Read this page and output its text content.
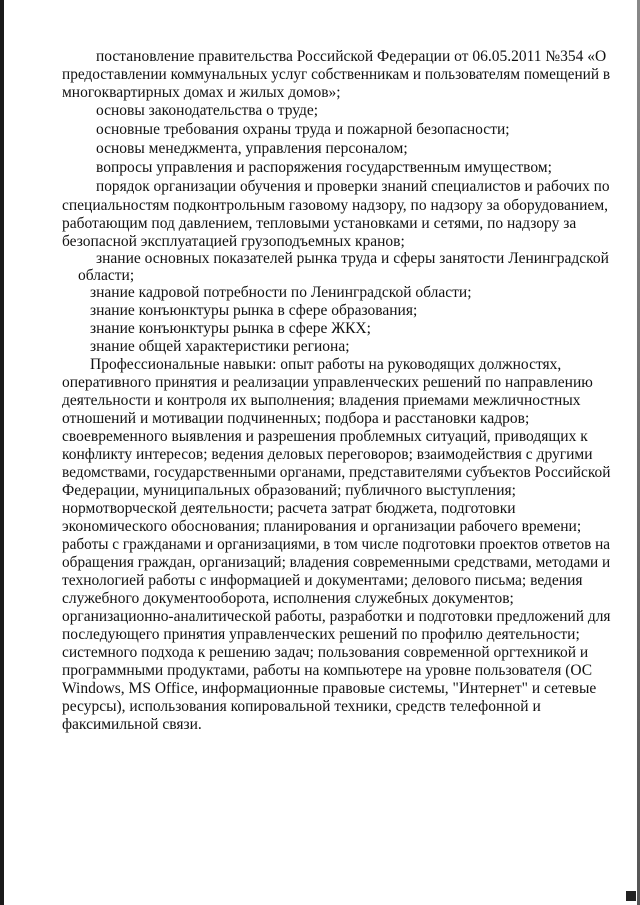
постановление правительства Российской Федерации от 06.05.2011 №354 «О
предоставлении коммунальных услуг собственникам и пользователям помещений в
многоквартирных домах и жилых домов»;
основы законодательства о труде;
основные требования охраны труда и пожарной безопасности;
основы менеджмента, управления персоналом;
вопросы управления и распоряжения государственным имуществом;
порядок организации обучения и проверки знаний специалистов и рабочих по
специальностям подконтрольным газовому надзору, по надзору за оборудованием,
работающим под давлением, тепловыми установками и сетями, по надзору за
безопасной эксплуатацией грузоподъемных кранов;
знание основных показателей рынка труда и сферы занятости Ленинградской
области;
знание кадровой потребности по Ленинградской области;
знание конъюнктуры рынка в сфере образования;
знание конъюнктуры рынка в сфере ЖКХ;
знание общей характеристики региона;
Профессиональные навыки: опыт работы на руководящих должностях,
оперативного принятия и реализации управленческих решений по направлению
деятельности и контроля их выполнения; владения приемами межличностных
отношений и мотивации подчиненных; подбора и расстановки кадров;
своевременного выявления и разрешения проблемных ситуаций, приводящих к
конфликту интересов; ведения деловых переговоров; взаимодействия с другими
ведомствами, государственными органами, представителями субъектов Российской
Федерации, муниципальных образований; публичного выступления;
нормотворческой деятельности; расчета затрат бюджета, подготовки
экономического обоснования; планирования и организации рабочего времени;
работы с гражданами и организациями, в том числе подготовки проектов ответов на
обращения граждан, организаций; владения современными средствами, методами и
технологией работы с информацией и документами; делового письма; ведения
служебного документооборота, исполнения служебных документов;
организационно-аналитической работы, разработки и подготовки предложений для
последующего принятия управленческих решений по профилю деятельности;
системного подхода к решению задач; пользования современной оргтехникой и
программными продуктами, работы на компьютере на уровне пользователя (ОС
Windows, MS Office, информационные правовые системы, "Интернет" и сетевые
ресурсы), использования копировальной техники, средств телефонной и
факсимильной связи.
